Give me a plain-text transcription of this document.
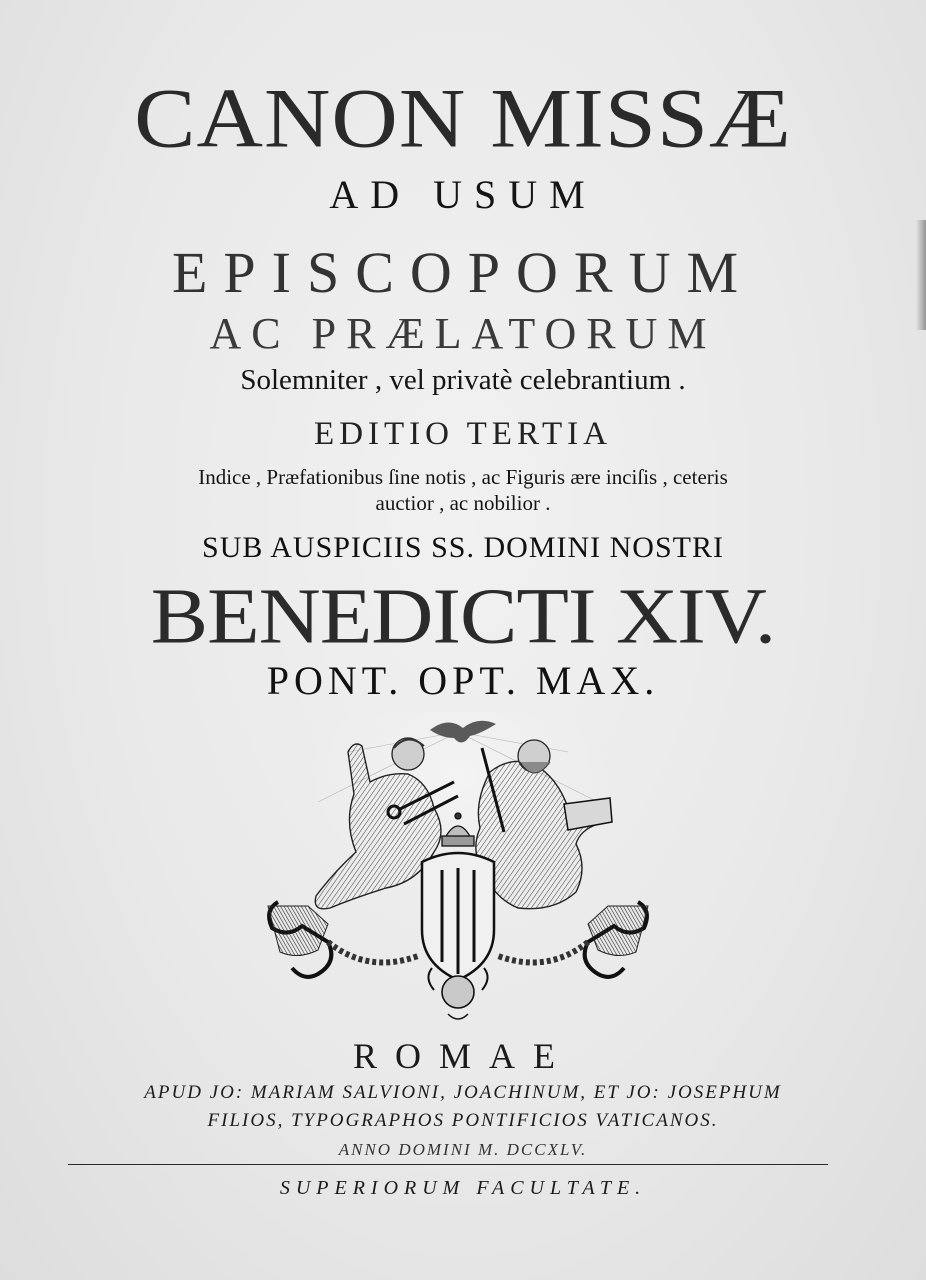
CANON MISSÆ
AD USUM
EPISCOPORUM
AC PRÆLATORUM
Solemniter , vel privatè celebrantium .
EDITIO TERTIA
Indice , Præfationibus ſine notis , ac Figuris ære inciſis , ceteris
auctior , ac nobilior .
SUB AUSPICIIS SS. DOMINI NOSTRI
BENEDICTI XIV.
PONT. OPT. MAX.
ROMAE
APUD JO: MARIAM SALVIONI, JOACHINUM, ET JO: JOSEPHUM
FILIOS, TYPOGRAPHOS PONTIFICIOS VATICANOS.
ANNO DOMINI M. DCCXLV.
SUPERIORUM FACULTATE.
